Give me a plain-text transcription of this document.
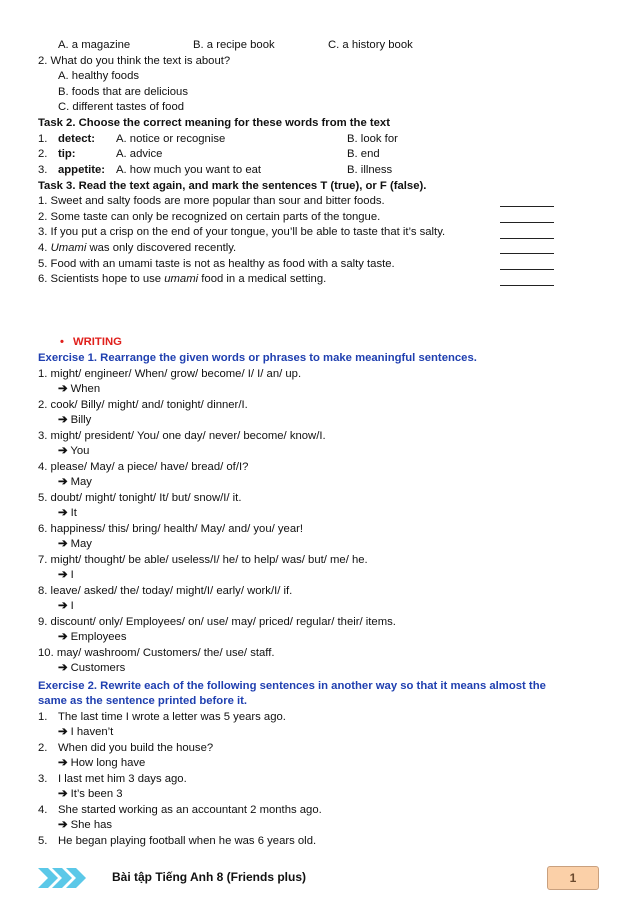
A. a magazine	B. a recipe book	C. a history book
2. What do you think the text is about?
A. healthy foods
B. foods that are delicious
C. different tastes of food
Task 2. Choose the correct meaning for these words from the text
1. detect: A. notice or recognise	B. look for
2. tip:	A. advice	B. end
3. appetite: A. how much you want to eat	B. illness
Task 3. Read the text again, and mark the sentences T (true), or F (false).
1. Sweet and salty foods are more popular than sour and bitter foods.
2. Some taste can only be recognized on certain parts of the tongue.
3. If you put a crisp on the end of your tongue, you’ll be able to taste that it’s salty.
4. Umami was only discovered recently.
5. Food with an umami taste is not as healthy as food with a salty taste.
6. Scientists hope to use umami food in a medical setting.
• WRITING
Exercise 1. Rearrange the given words or phrases to make meaningful sentences.
1. might/ engineer/ When/ grow/ become/ I/ I/ an/ up.
➔ When
2. cook/ Billy/ might/ and/ tonight/ dinner/I.
➔ Billy
3. might/ president/ You/ one day/ never/ become/ know/I.
➔ You
4. please/ May/ a piece/ have/ bread/ of/I?
➔ May
5. doubt/ might/ tonight/ It/ but/ snow/I/ it.
➔ It
6. happiness/ this/ bring/ health/ May/ and/ you/ year!
➔ May
7. might/ thought/ be able/ useless/I/ he/ to help/ was/ but/ me/ he.
➔ I
8. leave/ asked/ the/ today/ might/I/ early/ work/I/ if.
➔ I
9. discount/ only/ Employees/ on/ use/ may/ priced/ regular/ their/ items.
➔ Employees
10. may/ washroom/ Customers/ the/ use/ staff.
➔ Customers
Exercise 2. Rewrite each of the following sentences in another way so that it means almost the
same as the sentence printed before it.
1. The last time I wrote a letter was 5 years ago.
➔ I haven’t
2. When did you build the house?
➔ How long have
3. I last met him 3 days ago.
➔ It’s been 3
4. She started working as an accountant 2 months ago.
➔ She has
5. He began playing football when he was 6 years old.
Bài tập Tiếng Anh 8 (Friends plus)	1
